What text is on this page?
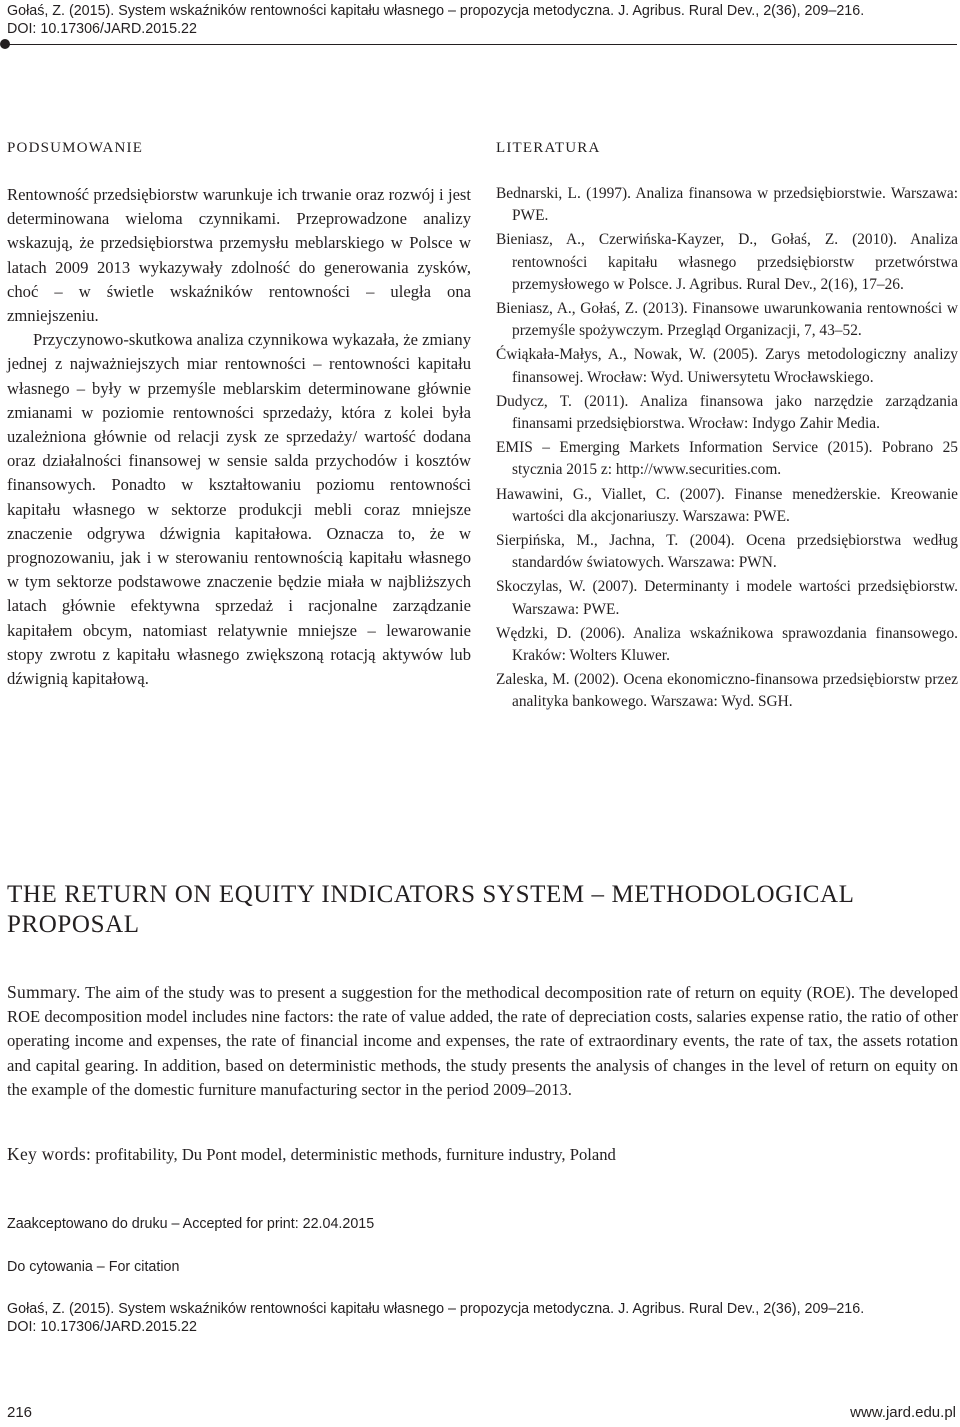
Gołaś, Z. (2015). System wskaźników rentowności kapitału własnego – propozycja metodyczna. J. Agribus. Rural Dev., 2(36), 209–216.
DOI: 10.17306/JARD.2015.22
podsumowanie	literatura

Rentowność przedsiębiorstw warunkuje ich trwanie oraz rozwój i jest determinowana wieloma czynnikami. Przeprowadzone analizy wskazują, że przedsiębiorstwa przemysłu meblarskiego w Polsce w latach 2009 2013 wykazywały zdolność do generowania zysków, choć – w świetle wskaźników rentowności – uległa ona zmniejszeniu.

Przyczynowo-skutkowa analiza czynnikowa wykazała, że zmiany jednej z najważniejszych miar rentowności – rentowności kapitału własnego – były w przemyśle meblarskim determinowane głównie zmianami w poziomie rentowności sprzedaży, która z kolei była uzależniona głównie od relacji zysk ze sprzedaży/ wartość dodana oraz działalności finansowej w sensie salda przychodów i kosztów finansowych. Ponadto w kształtowaniu poziomu rentowności kapitału własnego w sektorze produkcji mebli coraz mniejsze znaczenie odgrywa dźwignia kapitałowa. Oznacza to, że w prognozowaniu, jak i w sterowaniu rentownością kapitału własnego w tym sektorze podstawowe znaczenie będzie miała w najbliższych latach głównie efektywna sprzedaż i racjonalne zarządzanie kapitałem obcym, natomiast relatywnie mniejsze – lewarowanie stopy zwrotu z kapitału własnego zwiększoną rotacją aktywów lub dźwignią kapitałową.

Bednarski, L. (1997). Analiza finansowa w przedsiębiorstwie. Warszawa: PWE.

Bieniasz, A., Czerwińska-Kayzer, D., Gołaś, Z. (2010). Analiza rentowności kapitału własnego przedsiębiorstw przetwórstwa przemysłowego w Polsce. J. Agribus. Rural Dev., 2(16), 17–26.

Bieniasz, A., Gołaś, Z. (2013). Finansowe uwarunkowania rentowności w przemyśle spożywczym. Przegląd Organizacji, 7, 43–52.

Ćwiąkała-Małys, A., Nowak, W. (2005). Zarys metodologiczny analizy finansowej. Wrocław: Wyd. Uniwersytetu Wrocławskiego.

Dudycz, T. (2011). Analiza finansowa jako narzędzie zarządzania finansami przedsiębiorstwa. Wrocław: Indygo Zahir Media.

EMIS – Emerging Markets Information Service (2015). Pobrano 25 stycznia 2015 z: http://www.securities.com.

Hawawini, G., Viallet, C. (2007). Finanse menedżerskie. Kreowanie wartości dla akcjonariuszy. Warszawa: PWE.

Sierpińska, M., Jachna, T. (2004). Ocena przedsiębiorstwa według standardów światowych. Warszawa: PWN.

Skoczylas, W. (2007). Determinanty i modele wartości przedsiębiorstw. Warszawa: PWE.

Wędzki, D. (2006). Analiza wskaźnikowa sprawozdania finansowego. Kraków: Wolters Kluwer.

Zaleska, M. (2002). Ocena ekonomiczno-finansowa przedsiębiorstw przez analityka bankowego. Warszawa: Wyd. SGH.

THE RETURN ON EQUITY INDICATORS SYSTEM – METHODOLOGICAL PROPOSAL

Summary. The aim of the study was to present a suggestion for the methodical decomposition rate of return on equity (ROE). The developed ROE decomposition model includes nine factors: the rate of value added, the rate of depreciation costs, salaries expense ratio, the ratio of other operating income and expenses, the rate of financial income and expenses, the rate of extraordinary events, the rate of tax, the assets rotation and capital gearing. In addition, based on deterministic methods, the study presents the analysis of changes in the level of return on equity on the example of the domestic furniture manufacturing sector in the period 2009–2013.

Key words: profitability, Du Pont model, deterministic methods, furniture industry, Poland

Zaakceptowano do druku – Accepted for print: 22.04.2015
Do cytowania – For citation
Gołaś, Z. (2015). System wskaźników rentowności kapitału własnego – propozycja metodyczna. J. Agribus. Rural Dev., 2(36), 209–216.
DOI: 10.17306/JARD.2015.22
216	www.jard.edu.pl
